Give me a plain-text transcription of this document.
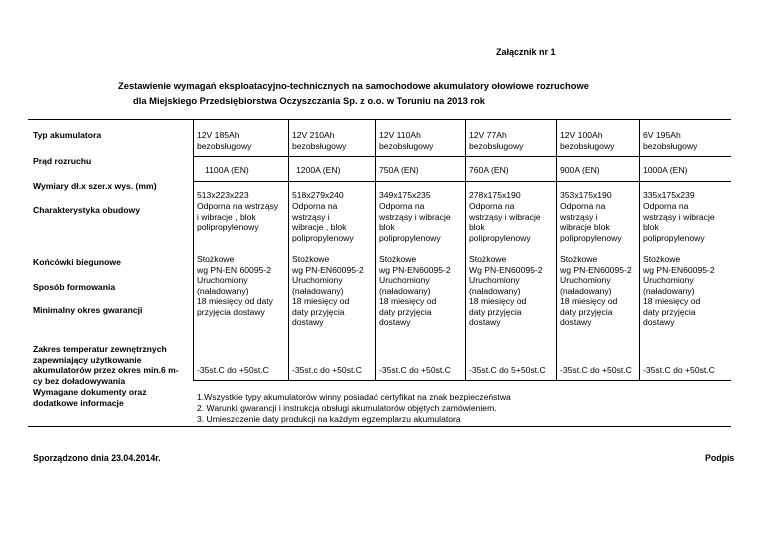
Załącznik nr 1
Zestawienie wymagań eksploatacyjno-technicznych na samochodowe akumulatory ołowiowe rozruchowe
dla Miejskiego Przedsiębiorstwa Oczyszczania Sp. z o.o. w Toruniu na 2013 rok
Typ akumulatora
Prąd rozruchu
Wymiary dł.x szer.x wys. (mm)
Charakterystyka obudowy
Końcówki biegunowe
Sposób formowania
Minimalny okres gwarancji
Zakres temperatur zewnętrznych zapewniający użytkowanie akumulatorów przez okres min.6 m-cy bez doładowywania
Wymagane dokumenty oraz dodatkowe informacje
12V 185Ah
bezobsługowy
1100A (EN)
513x223x223
Odporna na wstrząsy
i wibracje , blok
polipropylenowy
Stożkowe
wg PN-EN 60095-2
Uruchomiony
(naładowany)
18 miesięcy od daty
przyjęcia dostawy
-35st.C do +50st.C
12V 210Ah
bezobsługowy
1200A (EN)
518x279x240
Odporna na
wstrząsy i
wibracje , blok
polipropylenowy
Stożkowe
wg PN-EN60095-2
Uruchomiony
(naładowany)
18 miesięcy od
daty przyjęcia
dostawy
-35st.c do +50st.C
12V 110Ah
bezobsługowy
750A (EN)
349x175x235
Odporna na
wstrząsy i wibracje
blok
polipropylenowy
Stożkowe
wg PN-EN60095-2
Uruchomiony
(naładowany)
18 miesięcy od
daty przyjęcia
dostawy
-35st.C do +50st.C
12V 77Ah
bezobsługowy
760A (EN)
278x175x190
Odporna na
wstrząsy i wibracje
blok
polipropylenowy
Stożkowe
Wg PN-EN60095-2
Uruchomiony
(naładowany)
18 miesięcy od
daty przyjęcia
dostawy
-35st.C do 5+50st.C
12V 100Ah
bezobsługowy
900A (EN)
353x175x190
Odporna na
wstrząsy i
wibracje blok
polipropylenowy
Stożkowe
wg PN-EN60095-2
Uruchomiony
(naładowany)
18 miesięcy od
daty przyjęcia
dostawy
-35st.C do +50st.C
6V 195Ah
bezobsługowy
1000A (EN)
335x175x239
Odporna na
wstrząsy i wibracje
blok
polipropylenowy
Stożkowe
wg PN-EN60095-2
Uruchomiony
(naładowany)
18 miesięcy od
daty przyjęcia
dostawy
-35st.C do +50st.C
1.Wszystkie typy akumulatorów winny posiadać certyfikat na znak bezpieczeństwa
2. Warunki gwarancji i instrukcja obsługi akumulatorów objętych zamówieniem.
3. Umieszczenie daty produkcji na każdym egzemplarzu akumulatora
Sporządzono dnia 23.04.2014r.	Podpis
